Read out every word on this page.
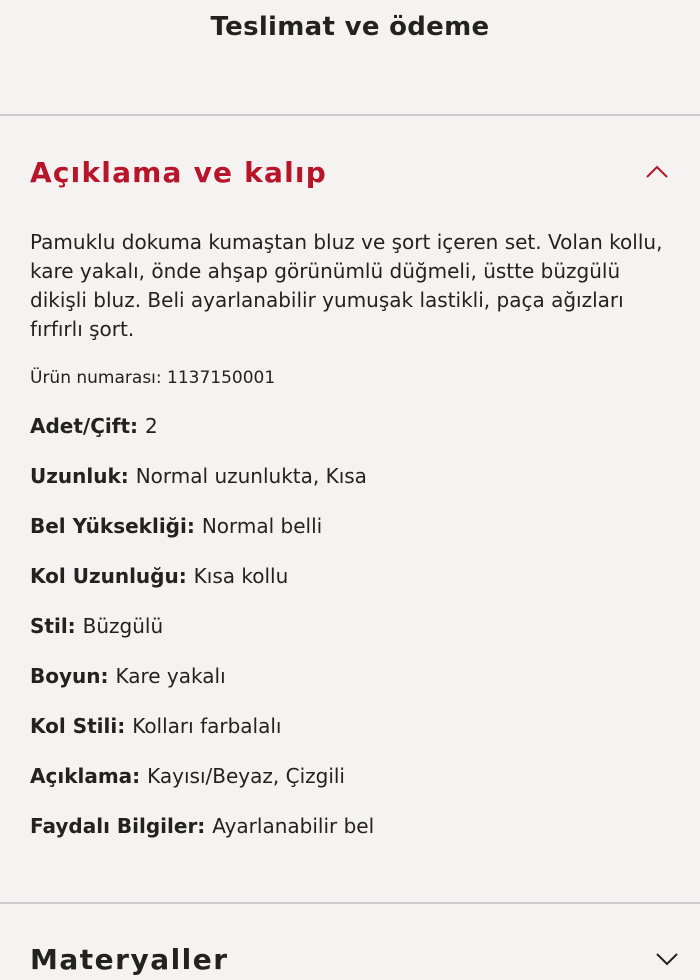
Teslimat ve ödeme
Açıklama ve kalıp

Pamuklu dokuma kumaştan bluz ve şort içeren set. Volan kollu, kare yakalı, önde ahşap görünümlü düğmeli, üstte büzgülü dikişli bluz. Beli ayarlanabilir yumuşak lastikli, paça ağızları fırfırlı şort.

Ürün numarası: 1137150001
Adet/Çift: 2
Uzunluk: Normal uzunlukta, Kısa
Bel Yüksekliği: Normal belli
Kol Uzunluğu: Kısa kollu
Stil: Büzgülü
Boyun: Kare yakalı
Kol Stili: Kolları farbalalı
Açıklama: Kayısı/Beyaz, Çizgili
Faydalı Bilgiler: Ayarlanabilir bel
Materyaller
